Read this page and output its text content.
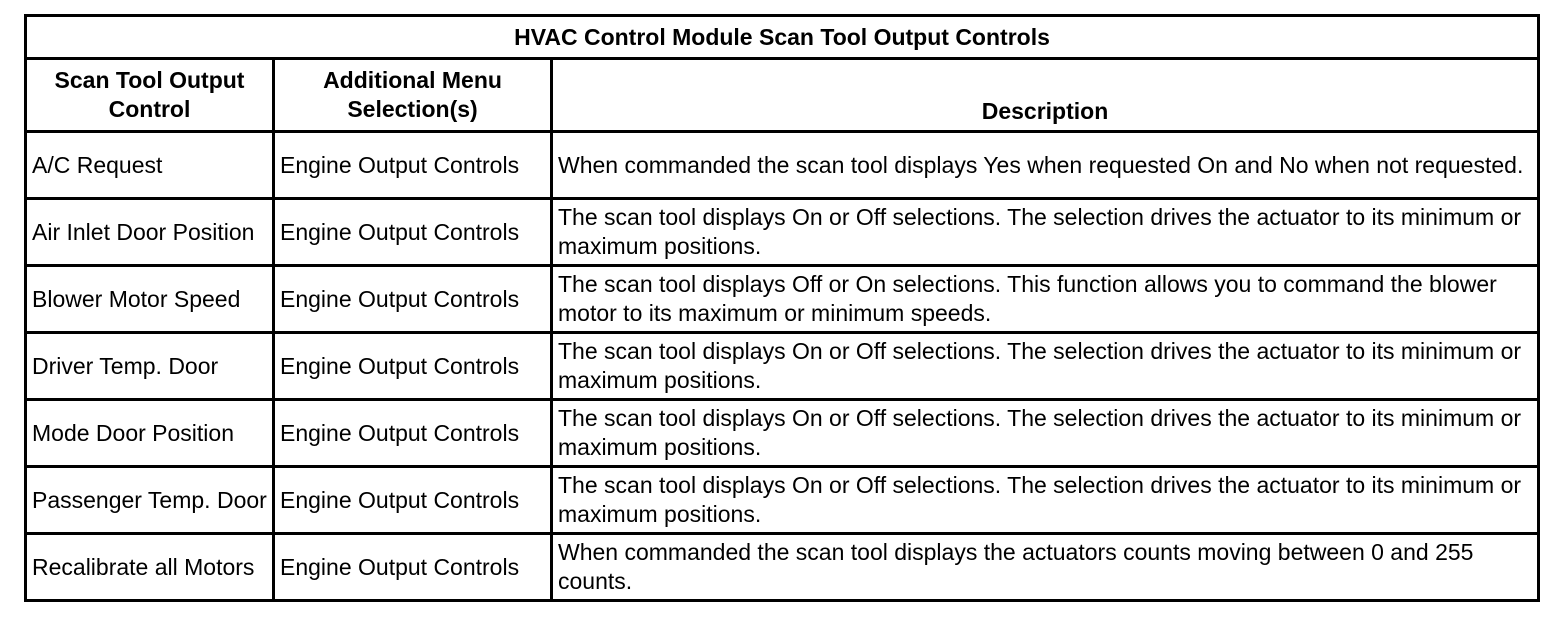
HVAC Control Module Scan Tool Output Controls		
Scan Tool Output Control	Additional Menu Selection(s)	Description
A/C Request	Engine Output Controls	When commanded the scan tool displays Yes when requested On and No when not requested.
Air Inlet Door Position	Engine Output Controls	The scan tool displays On or Off selections. The selection drives the actuator to its minimum or maximum positions.
Blower Motor Speed	Engine Output Controls	The scan tool displays Off or On selections. This function allows you to command the blower motor to its maximum or minimum speeds.
Driver Temp. Door	Engine Output Controls	The scan tool displays On or Off selections. The selection drives the actuator to its minimum or maximum positions.
Mode Door Position	Engine Output Controls	The scan tool displays On or Off selections. The selection drives the actuator to its minimum or maximum positions.
Passenger Temp. Door	Engine Output Controls	The scan tool displays On or Off selections. The selection drives the actuator to its minimum or maximum positions.
Recalibrate all Motors	Engine Output Controls	When commanded the scan tool displays the actuators counts moving between 0 and 255 counts.
